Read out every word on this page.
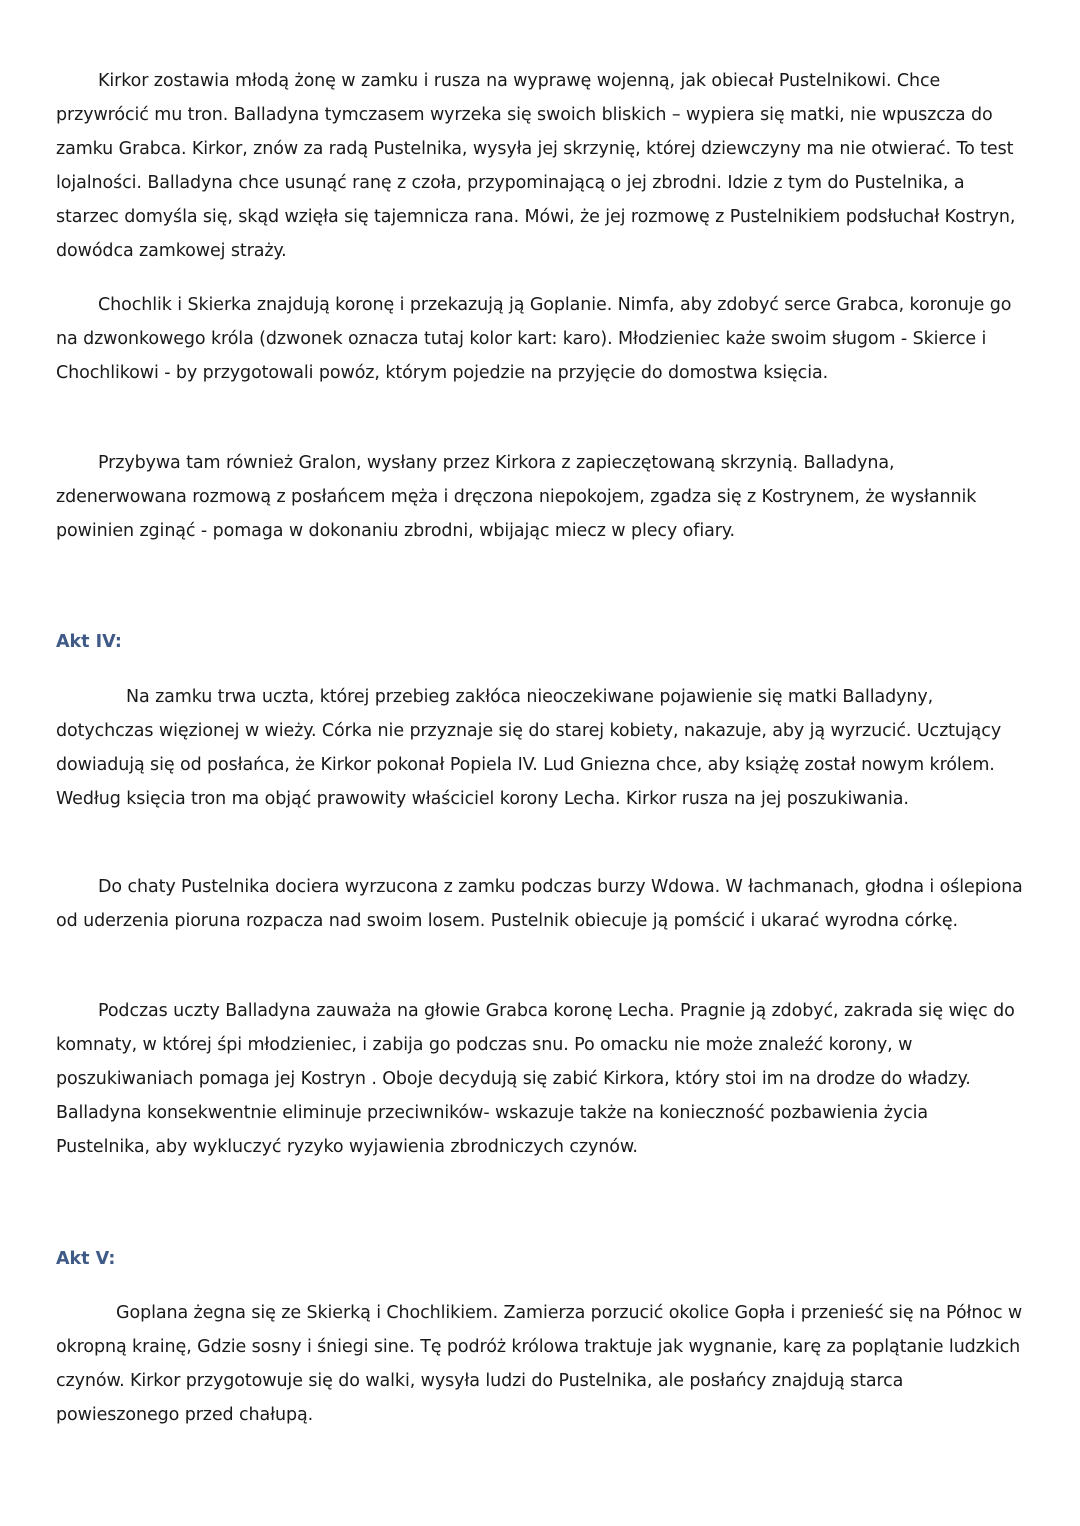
Kirkor zostawia młodą żonę w zamku i rusza na wyprawę wojenną, jak obiecał Pustelnikowi. Chce przywrócić mu tron. Balladyna tymczasem wyrzeka się swoich bliskich – wypiera się matki, nie wpuszcza do zamku Grabca. Kirkor, znów za radą Pustelnika, wysyła jej skrzynię, której dziewczyny ma nie otwierać. To test lojalności. Balladyna chce usunąć ranę z czoła, przypominającą o jej zbrodni. Idzie z tym do Pustelnika, a starzec domyśla się, skąd wzięła się tajemnicza rana. Mówi, że jej rozmowę z Pustelnikiem podsłuchał Kostryn, dowódca zamkowej straży.

Chochlik i Skierka znajdują koronę i przekazują ją Goplanie. Nimfa, aby zdobyć serce Grabca, koronuje go na dzwonkowego króla (dzwonek oznacza tutaj kolor kart: karo). Młodzieniec każe swoim sługom - Skierce i Chochlikowi - by przygotowali powóz, którym pojedzie na przyjęcie do domostwa księcia.

Przybywa tam również Gralon, wysłany przez Kirkora z zapieczętowaną skrzynią. Balladyna, zdenerwowana rozmową z posłańcem męża i dręczona niepokojem, zgadza się z Kostrynem, że wysłannik powinien zginąć - pomaga w dokonaniu zbrodni, wbijając miecz w plecy ofiary.

Akt IV:

Na zamku trwa uczta, której przebieg zakłóca nieoczekiwane pojawienie się matki Balladyny, dotychczas więzionej w wieży. Córka nie przyznaje się do starej kobiety, nakazuje, aby ją wyrzucić. Ucztujący dowiadują się od posłańca, że Kirkor pokonał Popiela IV. Lud Gniezna chce, aby książę został nowym królem. Według księcia tron ma objąć prawowity właściciel korony Lecha. Kirkor rusza na jej poszukiwania.

Do chaty Pustelnika dociera wyrzucona z zamku podczas burzy Wdowa. W łachmanach, głodna i oślepiona od uderzenia pioruna rozpacza nad swoim losem. Pustelnik obiecuje ją pomścić i ukarać wyrodna córkę.

Podczas uczty Balladyna zauważa na głowie Grabca koronę Lecha. Pragnie ją zdobyć, zakrada się więc do komnaty, w której śpi młodzieniec, i zabija go podczas snu. Po omacku nie może znaleźć korony, w poszukiwaniach pomaga jej Kostryn . Oboje decydują się zabić Kirkora, który stoi im na drodze do władzy. Balladyna konsekwentnie eliminuje przeciwników- wskazuje także na konieczność pozbawienia życia Pustelnika, aby wykluczyć ryzyko wyjawienia zbrodniczych czynów.

Akt V:

Goplana żegna się ze Skierką i Chochlikiem. Zamierza porzucić okolice Gopła i przenieść się na Północ w okropną krainę, Gdzie sosny i śniegi sine. Tę podróż królowa traktuje jak wygnanie, karę za poplątanie ludzkich czynów. Kirkor przygotowuje się do walki, wysyła ludzi do Pustelnika, ale posłańcy znajdują starca powieszonego przed chałupą.
